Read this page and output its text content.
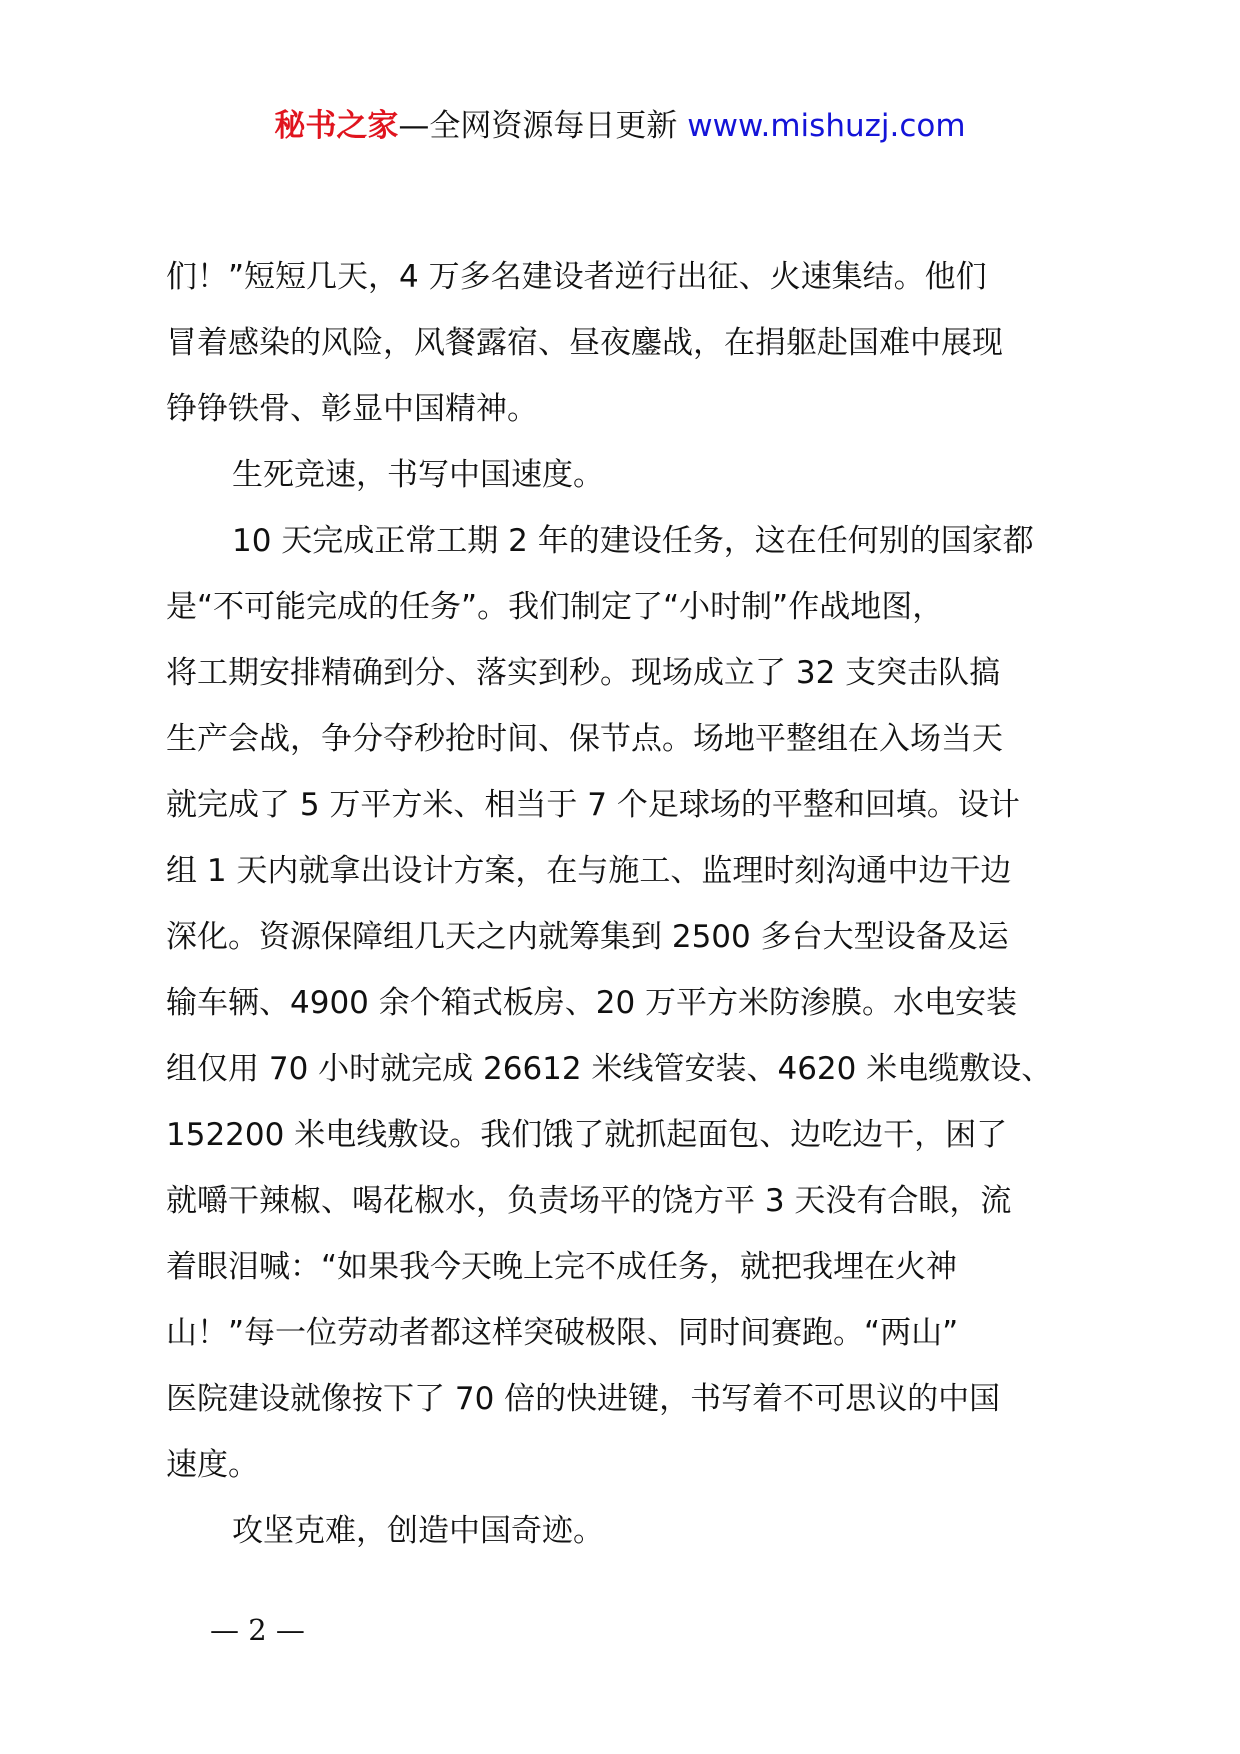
秘书之家—全网资源每日更新 www.mishuzj.com

们！”短短几天，4 万多名建设者逆行出征、火速集结。他们
冒着感染的风险，风餐露宿、昼夜鏖战，在捐躯赴国难中展现
铮铮铁骨、彰显中国精神。

生死竞速，书写中国速度。

10 天完成正常工期 2 年的建设任务，这在任何别的国家都
是“不可能完成的任务”。我们制定了“小时制”作战地图，
将工期安排精确到分、落实到秒。现场成立了 32 支突击队搞
生产会战，争分夺秒抢时间、保节点。场地平整组在入场当天
就完成了 5 万平方米、相当于 7 个足球场的平整和回填。设计
组 1 天内就拿出设计方案，在与施工、监理时刻沟通中边干边
深化。资源保障组几天之内就筹集到 2500 多台大型设备及运
输车辆、4900 余个箱式板房、20 万平方米防渗膜。水电安装
组仅用 70 小时就完成 26612 米线管安装、4620 米电缆敷设、
152200 米电线敷设。我们饿了就抓起面包、边吃边干，困了
就嚼干辣椒、喝花椒水，负责场平的饶方平 3 天没有合眼，流
着眼泪喊：“如果我今天晚上完不成任务，就把我埋在火神
山！”每一位劳动者都这样突破极限、同时间赛跑。“两山”
医院建设就像按下了 70 倍的快进键，书写着不可思议的中国
速度。

攻坚克难，创造中国奇迹。

— 2 —
